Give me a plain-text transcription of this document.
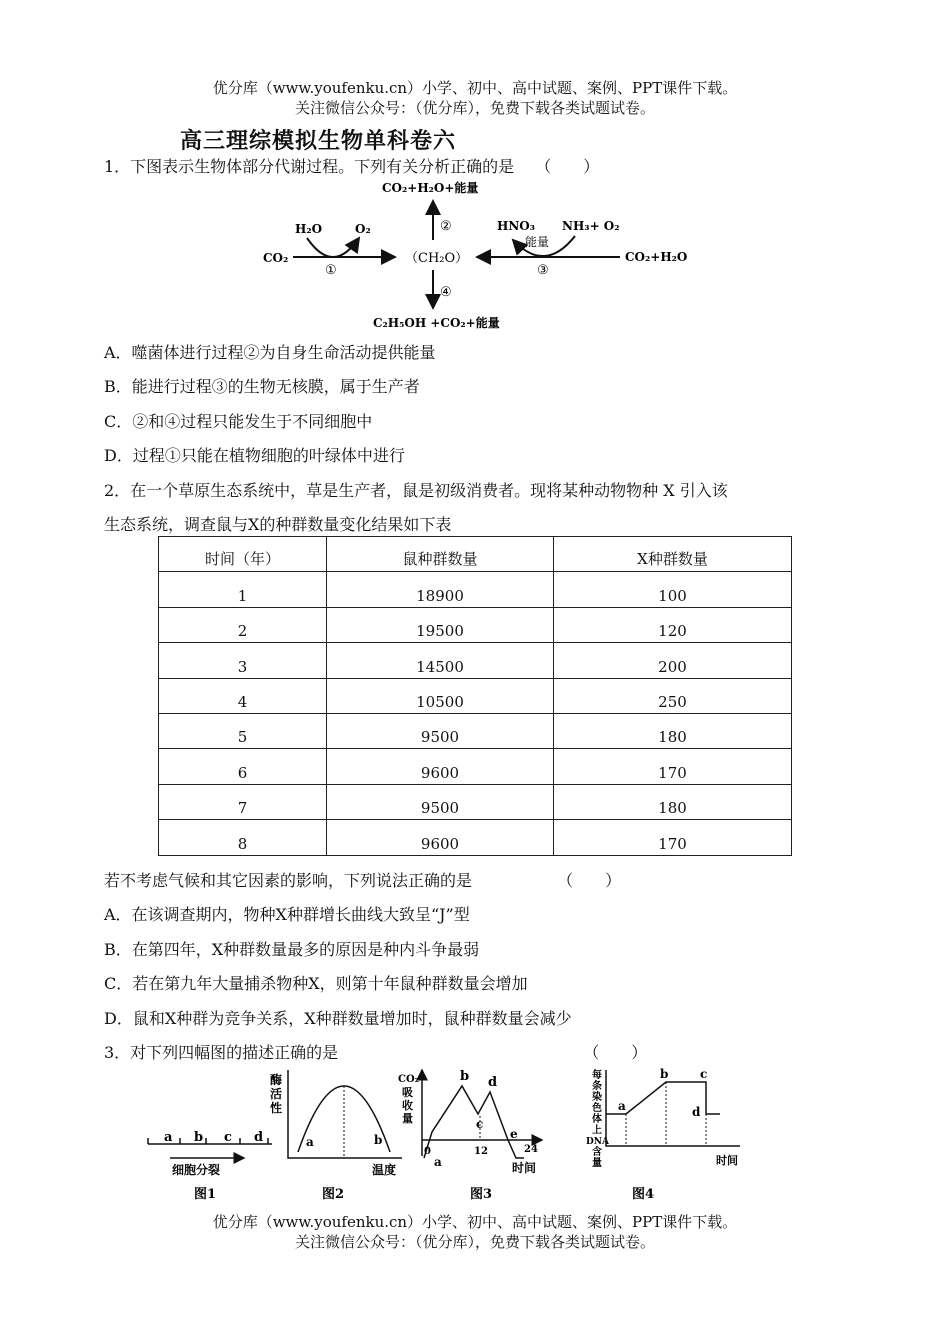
优分库（www.youfenku.cn）小学、初中、高中试题、案例、PPT课件下载。
关注微信公众号：（优分库），免费下载各类试题试卷。
高三理综模拟生物单科卷六
1．下图表示生物体部分代谢过程。下列有关分析正确的是 （　　）
CO₂+H₂O+能量
②
（CH₂O）
④
C₂H₅OH +CO₂+能量
CO₂
H₂O	O₂
①
HNO₃ NH₃+ O₂
能量
③
CO₂+H₂O
A．噬菌体进行过程②为自身生命活动提供能量
B．能进行过程③的生物无核膜，属于生产者
C．②和④过程只能发生于不同细胞中
D．过程①只能在植物细胞的叶绿体中进行
2．在一个草原生态系统中，草是生产者，鼠是初级消费者。现将某种动物物种 X 引入该
生态系统，调查鼠与X的种群数量变化结果如下表
时间（年）	鼠种群数量	X种群数量

1	18900	100

2	19500	120

3	14500	200

4	10500	250

5	9500	180

6	9600	170

7	9500	180

8	9600	170
若不考虑气候和其它因素的影响，下列说法正确的是	（　　）
A．在该调查期内，物种X种群增长曲线大致呈“J”型
B．在第四年，X种群数量最多的原因是种内斗争最弱
C．若在第九年大量捕杀物种X，则第十年鼠种群数量会增加
D．鼠和X种群为竞争关系，X种群数量增加时，鼠种群数量会减少
3．对下列四幅图的描述正确的是	（　　）
a b c d
细胞分裂
图1
酶
活
性
a	b
温度
图2
CO₂
吸
收
量
0	12	24
a
b
c
d
e
时间
图3
每
条
染
色
体
上
DNA
含
量
a
b	c
d
时间
图4
优分库（www.youfenku.cn）小学、初中、高中试题、案例、PPT课件下载。
关注微信公众号：（优分库），免费下载各类试题试卷。
